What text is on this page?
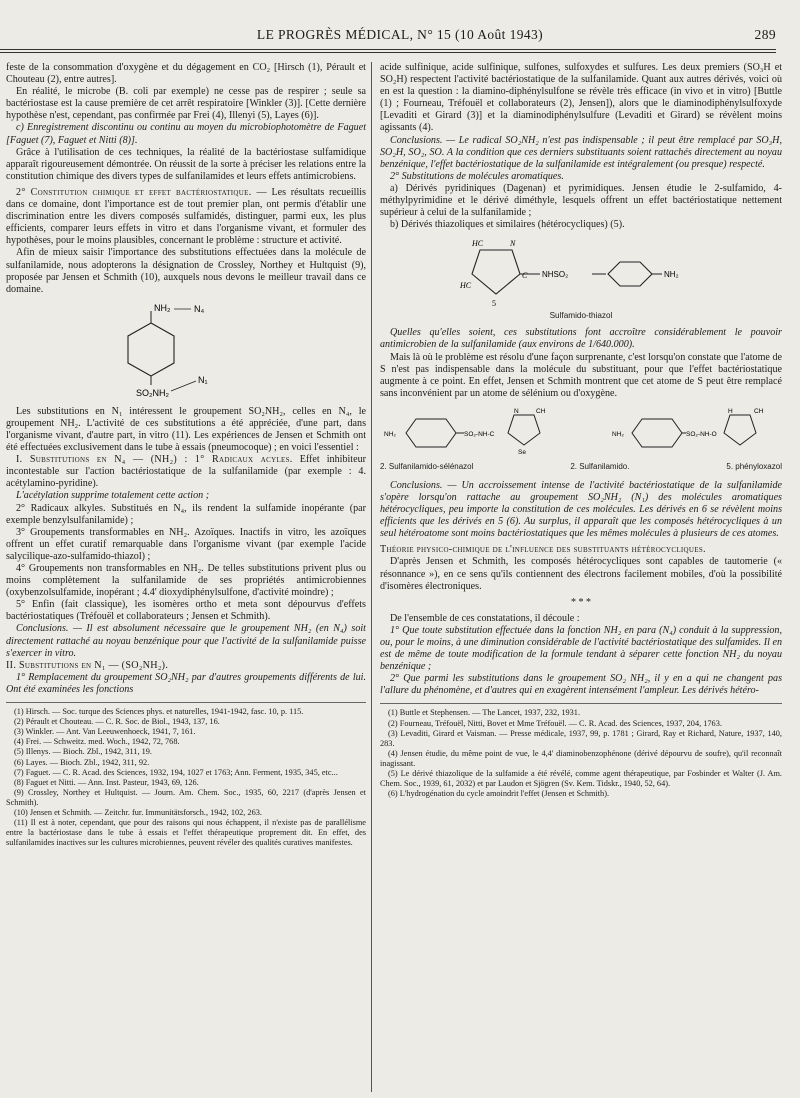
LE PROGRÈS MÉDICAL, N° 15 (10 Août 1943)	289

feste de la consommation d'oxygène et du dégagement en CO₂ [Hirsch (1), Pérault et Chouteau (2), entre autres].

En réalité, le microbe (B. coli par exemple) ne cesse pas de respirer ; seule sa bactériostase est la cause première de cet arrêt respiratoire [Winkler (3)]. [Cette dernière hypothèse n'est, cependant, pas confirmée par Frei (4), Illenyi (5), Layes (6)].

c) Enregistrement discontinu ou continu au moyen du microbiophotomètre de Faguet [Faguet (7), Faguet et Nitti (8)].

Grâce à l'utilisation de ces techniques, la réalité de la bactériostase sulfamidique apparaît rigoureusement démontrée. On réussit de la sorte à préciser les relations entre la constitution chimique des divers types de sulfanilamides et leurs effets antimicrobiens.

2° Constitution chimique et effet bactériostatique. — Les résultats recueillis dans ce domaine, dont l'importance est de tout premier plan, ont permis d'établir une discrimination entre les divers composés sulfamidés, distinguer, parmi eux, les plus efficients, comparer leurs effets in vitro et dans l'organisme vivant, et formuler des hypothèses, pour le moins plausibles, concernant le problème : structure et activité.

Afin de mieux saisir l'importance des substitutions effectuées dans la molécule de sulfanilamide, nous adopterons la désignation de Crossley, Northey et Hultquist (9), proposée par Jensen et Schmith (10), auxquels nous devons le meilleur travail dans ce domaine.

NH₂	N₄
SO₂NH₂
N₁

Les substitutions en N₁ intéressent le groupement SO₂NH₂, celles en N₄, le groupement NH₂. L'activité de ces substitutions a été appréciée, d'une part, dans l'organisme vivant, d'autre part, in vitro (11). Les expériences de Jensen et Schmith ont été effectuées exclusivement dans le tube à essais (pneumocoque) ; en voici l'essentiel :

I. Substitutions en N₄ — (NH₂) : 1° Radicaux acyles. Effet inhibiteur incontestable sur l'action bactériostatique de la sulfanilamide (par exemple : 4. acétylamino-pyridine).

L'acétylation supprime totalement cette action ;

2° Radicaux alkyles. Substitués en N₄, ils rendent la sulfamide inopérante (par exemple benzylsulfanilamide) ;

3° Groupements transformables en NH₂. Azoïques. Inactifs in vitro, les azoïques offrent un effet curatif remarquable dans l'organisme vivant (par exemple l'acide salycilique-azo-sulfamido-thiazol) ;

4° Groupements non transformables en NH₂. De telles substitutions privent plus ou moins complètement la sulfanilamide de ses propriétés antimicrobiennes (oxybenzolsulfamide, inopérant ; 4.4' dioxydiphénylsulfone, d'activité moindre) ;

5° Enfin (fait classique), les isomères ortho et meta sont dépourvus d'effets bactériostatiques (Tréfouël et collaborateurs ; Jensen et Schmith).

Conclusions. — Il est absolument nécessaire que le groupement NH₂ (en N₄) soit directement rattaché au noyau benzénique pour que l'activité de la sulfanilamide puisse s'exercer in vitro.

II. Substitutions en N₁ — (SO₂NH₂).

1° Remplacement du groupement SO₂NH₂ par d'autres groupements différents de lui. Ont été examinées les fonctions

(1) Hirsch. — Soc. turque des Sciences phys. et naturelles, 1941-1942, fasc. 10, p. 115.

(2) Pérault et Chouteau. — C. R. Soc. de Biol., 1943, 137, 16.

(3) Winkler. — Ant. Van Leeuwenhoeck, 1941, 7, 161.

(4) Frei. — Schweitz. med. Woch., 1942, 72, 768.

(5) Illenys. — Bioch. Zbl., 1942, 311, 19.

(6) Layes. — Bioch. Zbl., 1942, 311, 92.

(7) Faguet. — C. R. Acad. des Sciences, 1932, 194, 1027 et 1763; Ann. Ferment, 1935, 345, etc...

(8) Faguet et Nitti. — Ann. Inst. Pasteur, 1943, 69, 126.

(9) Crossley, Northey et Hultquist. — Journ. Am. Chem. Soc., 1935, 60, 2217 (d'après Jensen et Schmith).

(10) Jensen et Schmith. — Zeitchr. fur. Immunitätsforsch., 1942, 102, 263.

(11) Il est à noter, cependant, que pour des raisons qui nous échappent, il n'existe pas de parallélisme entre la bactériostase dans le tube à essais et l'effet thérapeutique proprement dit. En effet, des sulfanilamides inactives sur les cultures microbiennes, peuvent révéler des qualités curatives manifestes.

acide sulfinique, acide sulfinique, sulfones, sulfoxydes et sulfures. Les deux premiers (SO₃H et SO₂H) respectent l'activité bactériostatique de la sulfanilamide. Quant aux autres dérivés, voici où en est la question : la diamino-diphénylsulfone se révèle très efficace (in vivo et in vitro) [Buttle (1) ; Fourneau, Tréfouël et collaborateurs (2), Jensen]), alors que le diaminodiphénylsulfoxyde [Levaditi et Girard (3)] et la diaminodiphénylsulfure (Levaditi et Girard) se révèlent moins agissants (4).

Conclusions. — Le radical SO₂NH₂ n'est pas indispensable ; il peut être remplacé par SO₃H, SO₂H, SO₂, SO. A la condition que ces derniers substituants soient rattachés directement au noyau benzénique, l'effet bactériostatique de la sulfanilamide est intégralement (ou presque) respecté.

2° Substitutions de molécules aromatiques.

a) Dérivés pyridiniques (Dagenan) et pyrimidiques. Jensen étudie le 2-sulfamido, 4-méthylpyrimidine et le dérivé diméthyle, lesquels offrent un effet bactériostatique nettement supérieur à celui de la sulfanilamide ;

b) Dérivés thiazoliques et similaires (hétérocycliques) (5).

HC	N
HC
5
C NHSO₂	NH₂
Sulfamido-thiazol

Quelles qu'elles soient, ces substitutions font accroître considérablement le pouvoir antimicrobien de la sulfanilamide (aux environs de 1/640.000).

Mais là où le problème est résolu d'une façon surprenante, c'est lorsqu'on constate que l'atome de S n'est pas indispensable dans la molécule du substituant, pour que l'effet bactériostatique augmente à ce point. En effet, Jensen et Schmith montrent que cet atome de S peut être remplacé sans inconvénient par un atome de sélénium ou d'oxygène.

NH₂	SO₂-NH-C
N	CH
Se
NH₂	SO₂-NH-O
H	CH
2. Sulfanilamido-sélénazol	2. Sulfanilamido.	5. phényloxazol

Conclusions. — Un accroissement intense de l'activité bactériostatique de la sulfanilamide s'opère lorsqu'on rattache au groupement SO₂NH₂ (N₁) des molécules aromatiques hétérocycliques, peu importe la constitution de ces molécules. Les dérivés en 6 se révèlent moins efficients que les dérivés en 5 (6). Au surplus, il apparaît que les composés hétérocycliques à un seul hétéroatome sont moins bactériostatiques que les mêmes molécules à plusieurs de ces atomes.

Théorie physico-chimique de l'influence des substituants hétérocycliques.

D'après Jensen et Schmith, les composés hétérocycliques sont capables de tautomerie (« résonnance »), en ce sens qu'ils contiennent des électrons facilement mobiles, d'où la possibilité d'isomères électroniques.

* * *

De l'ensemble de ces constatations, il découle :

1° Que toute substitution effectuée dans la fonction NH₂ en para (N₄) conduit à la suppression, ou, pour le moins, à une diminution considérable de l'activité bactériostatique des sulfamides. Il en est de même de toute modification de la formule tendant à séparer cette fonction NH₂ du noyau benzénique ;

2° Que parmi les substitutions dans le groupement SO₂ NH₂, il y en a qui ne changent pas l'allure du phénomène, et d'autres qui en exagèrent intensément l'ampleur. Les dérivés hétéro-

(1) Buttle et Stephensen. — The Lancet, 1937, 232, 1931.

(2) Fourneau, Tréfouël, Nitti, Bovet et Mme Tréfouël. — C. R. Acad. des Sciences, 1937, 204, 1763.

(3) Levaditi, Girard et Vaisman. — Presse médicale, 1937, 99, p. 1781 ; Girard, Ray et Richard, Nature, 1937, 140, 283.

(4) Jensen étudie, du même point de vue, le 4,4' diaminobenzophénone (dérivé dépourvu de soufre), qu'il reconnaît inagissant.

(5) Le dérivé thiazolique de la sulfamide a été révélé, comme agent thérapeutique, par Fosbinder et Walter (J. Am. Chem. Soc., 1939, 61, 2032) et par Laudon et Sjögren (Sv. Kem. Tidskr., 1940, 52, 64).

(6) L'hydrogénation du cycle amoindrit l'effet (Jensen et Schmith).
